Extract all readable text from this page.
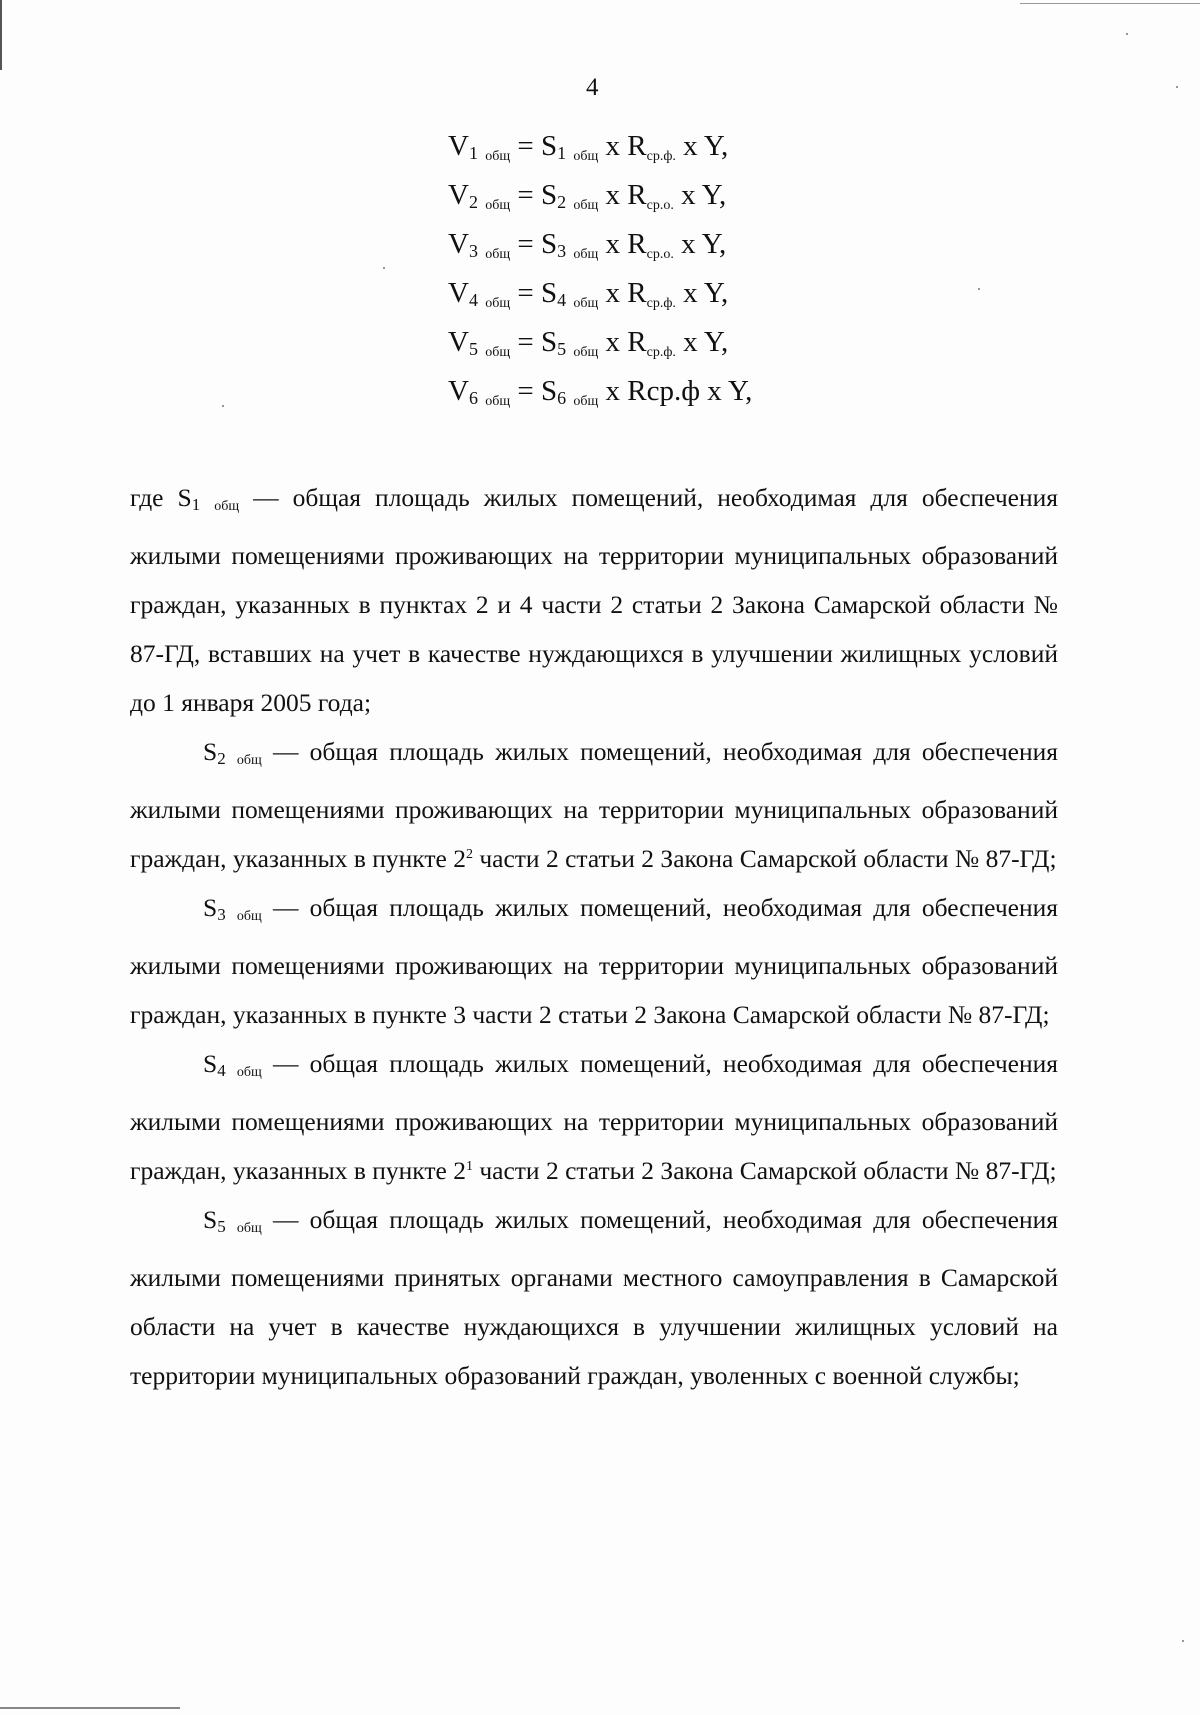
4
V1 $_{общ}$ = S1 $_{общ}$ x $R_{ср.ф.}$ x Y,
V2 $_{общ}$ = S2 $_{общ}$ x $R_{ср.о.}$ x Y,
V3 $_{общ}$ = S3 $_{общ}$ x $R_{ср.о.}$ x Y,
V4 $_{общ}$ = S4 $_{общ}$ x $R_{ср.ф.}$ x Y,
V5 $_{общ}$ = S5 $_{общ}$ x $R_{ср.ф.}$ x Y,
V6 $_{общ}$ = S6 $_{общ}$ x Rср.ф x Y,

где S1 $_{общ}$ — общая площадь жилых помещений, необходимая для обеспечения жилыми помещениями проживающих на территории муниципальных образований граждан, указанных в пунктах 2 и 4 части 2 статьи 2 Закона Самарской области № 87-ГД, вставших на учет в качестве нуждающихся в улучшении жилищных условий до 1 января 2005 года;

S2 $_{общ}$ — общая площадь жилых помещений, необходимая для обеспечения жилыми помещениями проживающих на территории муниципальных образований граждан, указанных в пункте $2^2$ части 2 статьи 2 Закона Самарской области № 87-ГД;

S3 $_{общ}$ — общая площадь жилых помещений, необходимая для обеспечения жилыми помещениями проживающих на территории муниципальных образований граждан, указанных в пункте 3 части 2 статьи 2 Закона Самарской области № 87-ГД;

S4 $_{общ}$ — общая площадь жилых помещений, необходимая для обеспечения жилыми помещениями проживающих на территории муниципальных образований граждан, указанных в пункте $2^1$ части 2 статьи 2 Закона Самарской области № 87-ГД;

S5 $_{общ}$ — общая площадь жилых помещений, необходимая для обеспечения жилыми помещениями принятых органами местного самоуправления в Самарской области на учет в качестве нуждающихся в улучшении жилищных условий на территории муниципальных образований граждан, уволенных с военной службы;
